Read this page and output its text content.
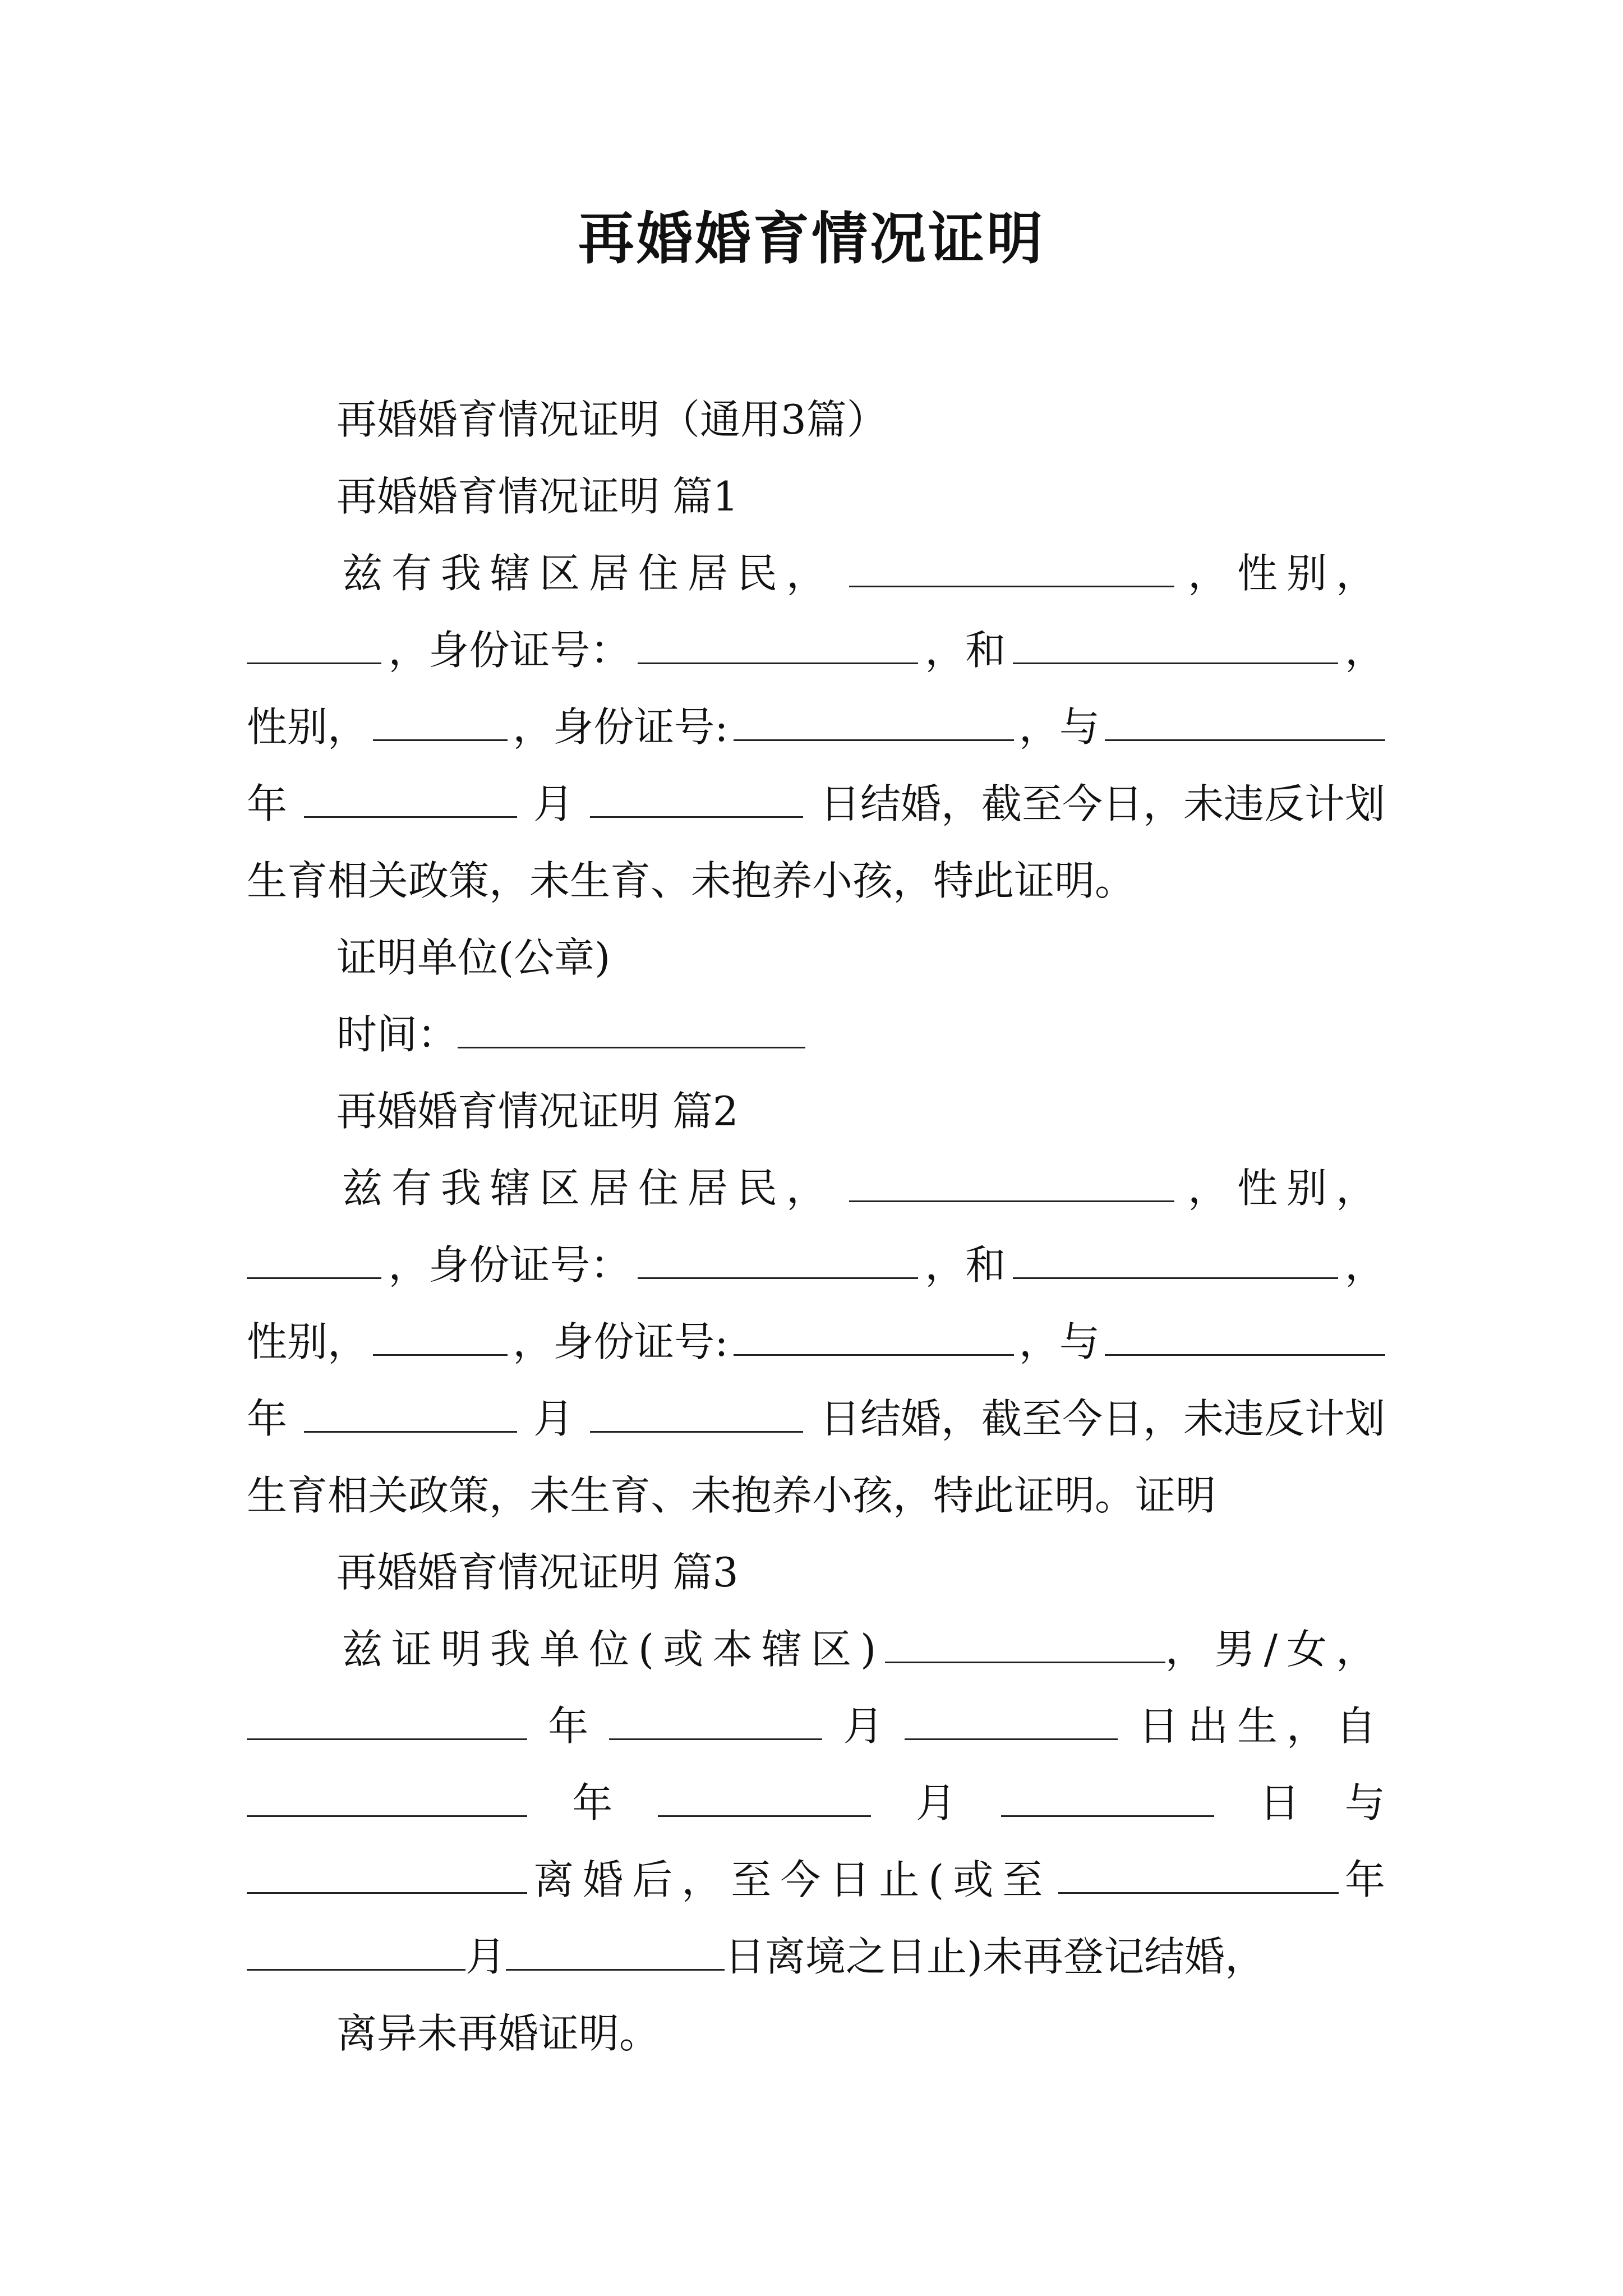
再婚婚育情况证明
再婚婚育情况证明（通用3篇）
再婚婚育情况证明 篇1
兹有我辖区居住居民，	，性别，
，身份证号：	，和	，
性别，	，身份证号:	，与
年	月	日结婚，截至今日，未违反计划
生育相关政策，未生育、未抱养小孩，特此证明。
证明单位(公章)
时间：
再婚婚育情况证明 篇2
兹有我辖区居住居民，	，性别，
，身份证号：	，和	，
性别，	，身份证号:	，与
年	月	日结婚，截至今日，未违反计划
生育相关政策，未生育、未抱养小孩，特此证明。证明
再婚婚育情况证明 篇3
兹证明我单位(或本辖区)	，男/女，
年	月	日出生，自
年	月	日 与
离婚后，至今日止(或至	年
月	日离境之日止)未再登记结婚，
离异未再婚证明。
